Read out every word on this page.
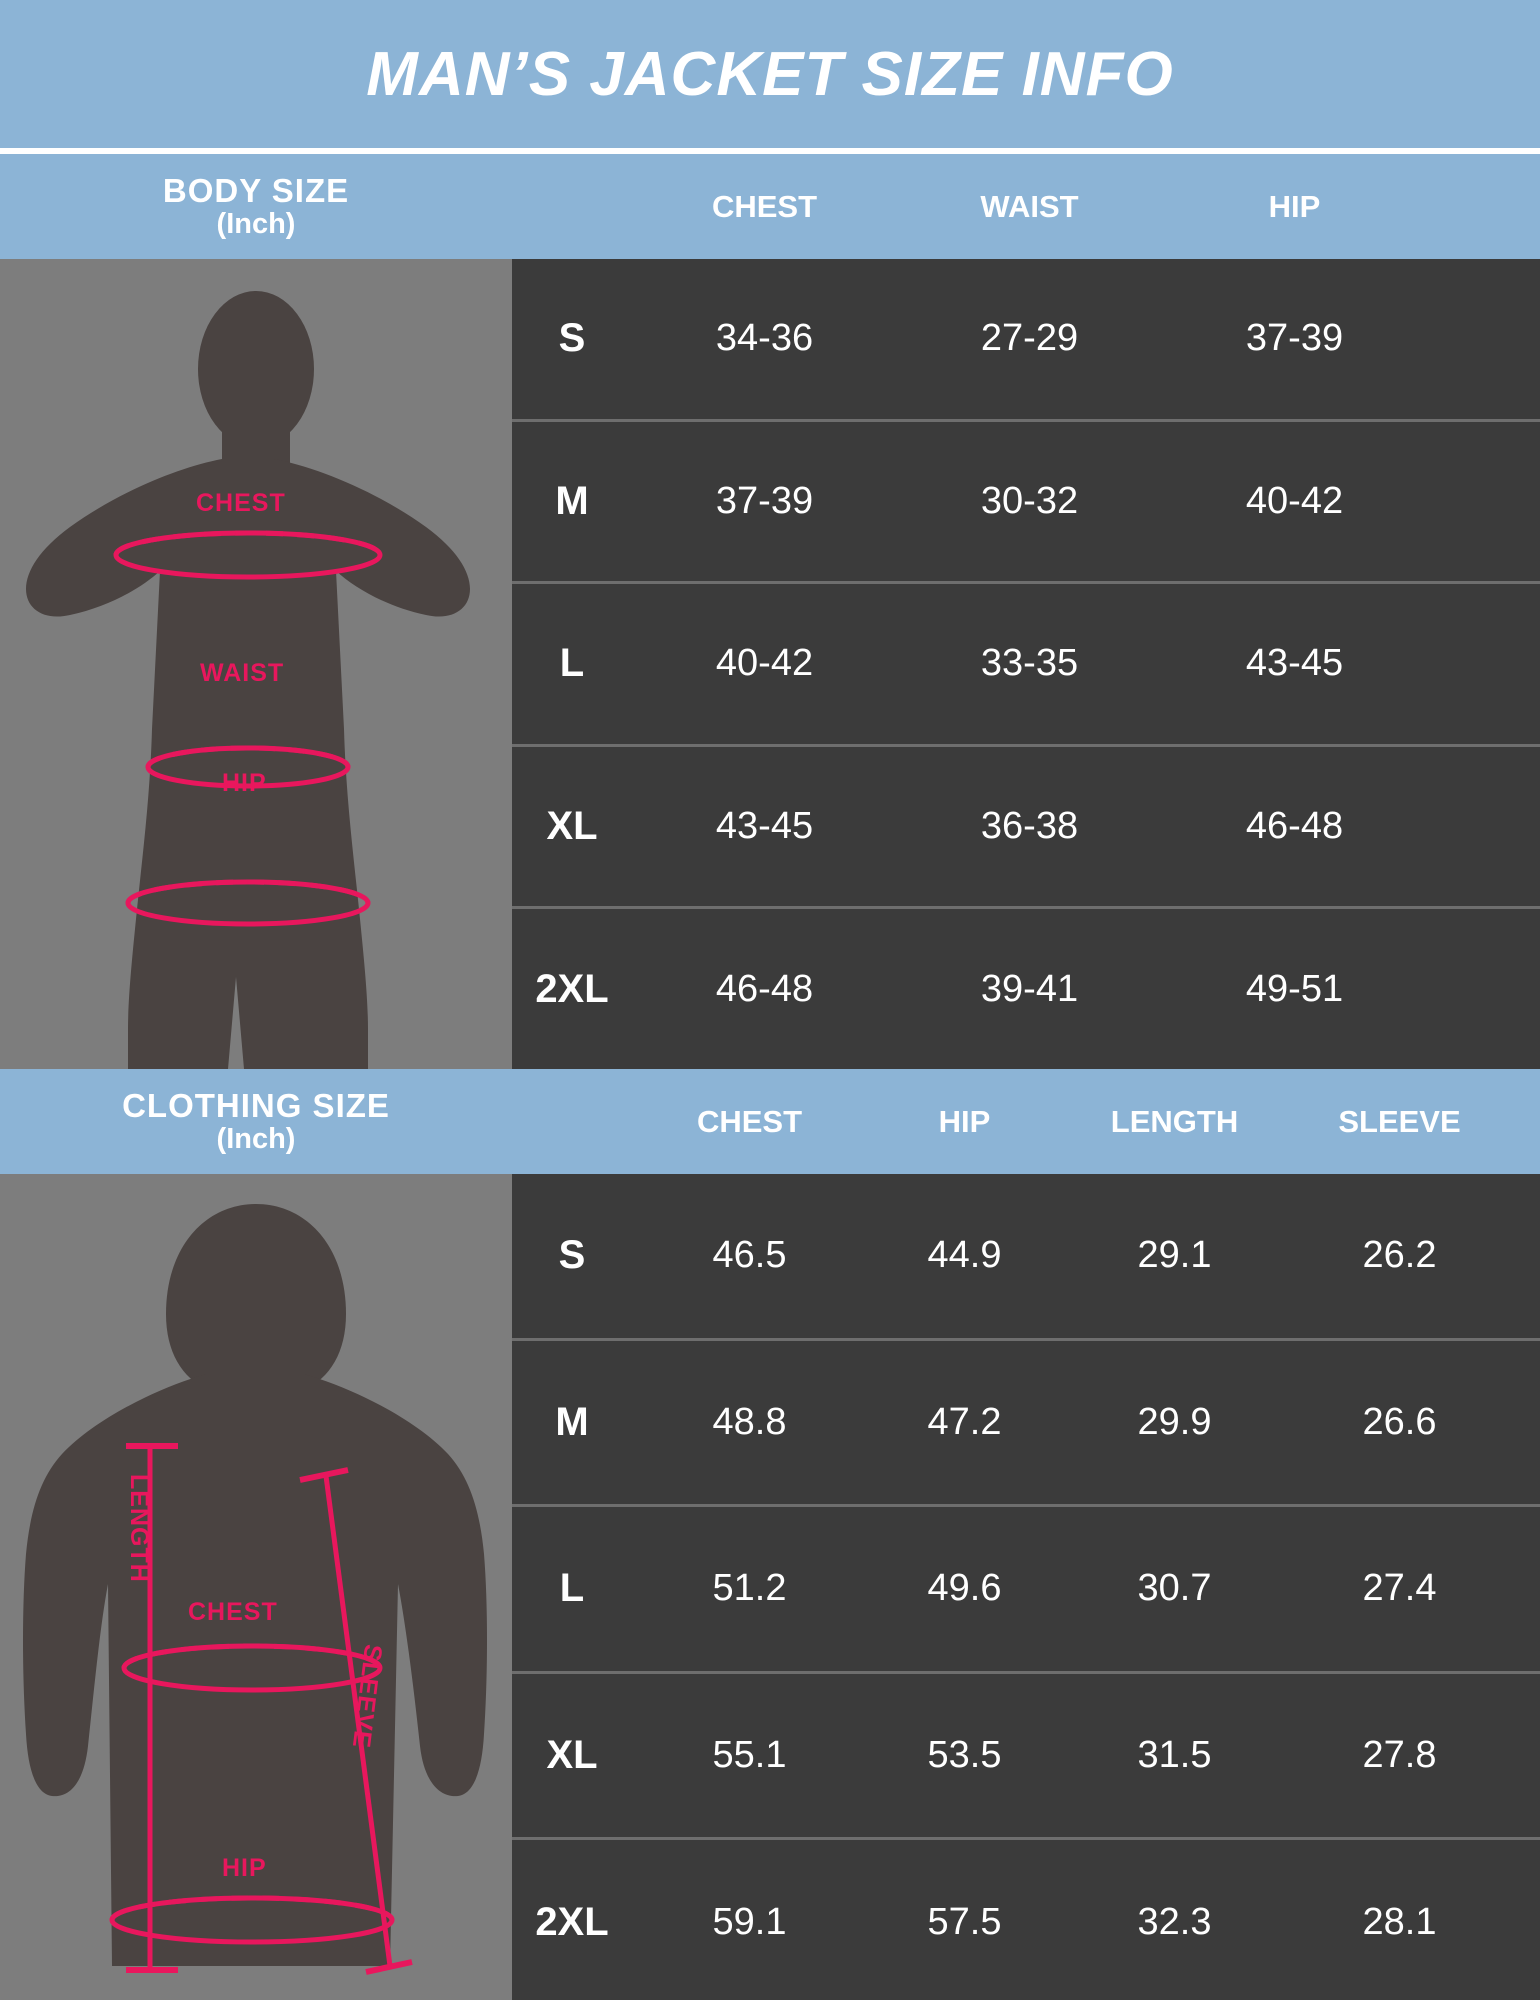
MAN’S JACKET SIZE INFO
BODY SIZE
(Inch)
CHEST	WAIST	HIP
CHEST
WAIST
HIP
S	34-36	27-29	37-39
M	37-39	30-32	40-42
L	40-42	33-35	43-45
XL	43-45	36-38	46-48
2XL	46-48	39-41	49-51
CLOTHING SIZE
(Inch)
CHEST	HIP	LENGTH	SLEEVE
LENGTH
CHEST
SLEEVE
HIP
S	46.5	44.9	29.1	26.2
M	48.8	47.2	29.9	26.6
L	51.2	49.6	30.7	27.4
XL	55.1	53.5	31.5	27.8
2XL	59.1	57.5	32.3	28.1
